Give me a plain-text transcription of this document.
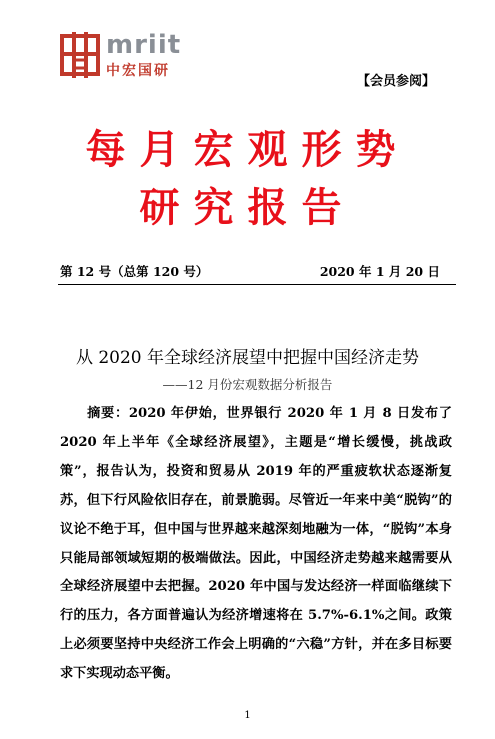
mriit
中宏国研
【会员参阅】
每月宏观形势
研究报告
第 12 号（总第 120 号）	2020 年 1 月 20 日
从 2020 年全球经济展望中把握中国经济走势
——12 月份宏观数据分析报告
  摘要：2020 年伊始，世界银行 2020 年 1 月 8 日发布了 2020 年上半年《全球经济展望》，主题是“增长缓慢，挑战政策”，报告认为，投资和贸易从 2019 年的严重疲软状态逐渐复苏，但下行风险依旧存在，前景脆弱。尽管近一年来中美“脱钩”的议论不绝于耳，但中国与世界越来越深刻地融为一体，“脱钩”本身只能局部领域短期的极端做法。因此，中国经济走势越来越需要从全球经济展望中去把握。2020 年中国与发达经济一样面临继续下行的压力，各方面普遍认为经济增速将在 5.7%-6.1%之间。政策上必须要坚持中央经济工作会上明确的“六稳”方针，并在多目标要求下实现动态平衡。
1
